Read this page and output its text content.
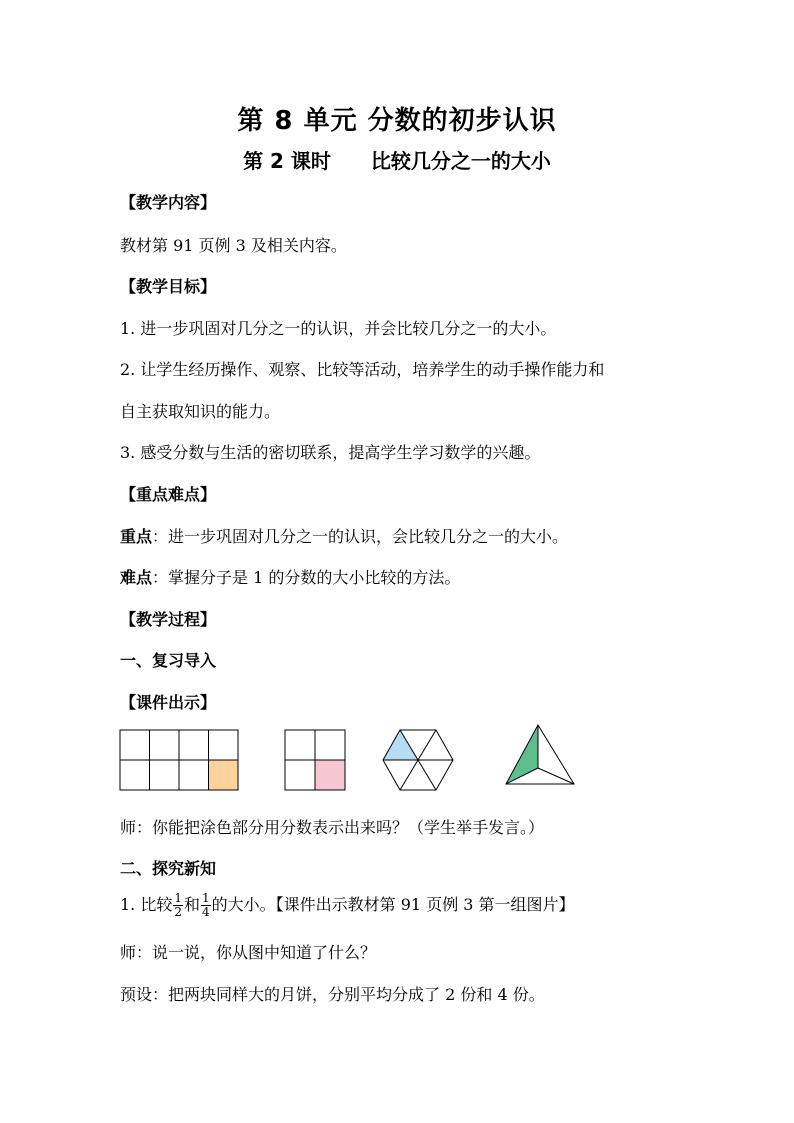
第 8 单元 分数的初步认识
第 2 课时 比较几分之一的大小
【教学内容】
教材第 91 页例 3 及相关内容。
【教学目标】
1. 进一步巩固对几分之一的认识，并会比较几分之一的大小。
2. 让学生经历操作、观察、比较等活动，培养学生的动手操作能力和
自主获取知识的能力。
3. 感受分数与生活的密切联系，提高学生学习数学的兴趣。
【重点难点】
重点：进一步巩固对几分之一的认识，会比较几分之一的大小。
难点：掌握分子是 1 的分数的大小比较的方法。
【教学过程】
一、复习导入
【课件出示】
师：你能把涂色部分用分数表示出来吗？（学生举手发言。）
二、探究新知
1. 比较 $\frac{1}{2}$ 和 $\frac{1}{4}$ 的大小。【课件出示教材第 91 页例 3 第一组图片】
师：说一说，你从图中知道了什么？
预设：把两块同样大的月饼，分别平均分成了 2 份和 4 份。
